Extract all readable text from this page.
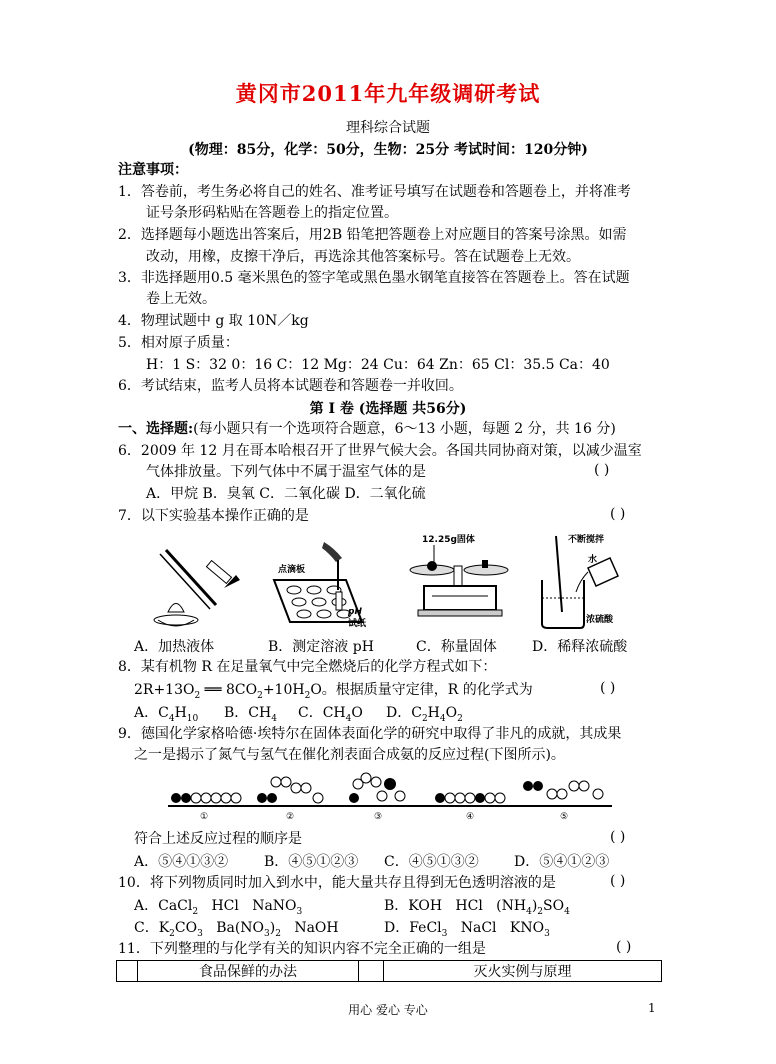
黄冈市2011年九年级调研考试
理科综合试题
(物理：85分，化学：50分，生物：25分 考试时间：120分钟)
注意事项：
1．答卷前，考生务必将自己的姓名、准考证号填写在试题卷和答题卷上，并将准考
证号条形码粘贴在答题卷上的指定位置。
2．选择题每小题选出答案后，用2B 铅笔把答题卷上对应题目的答案号涂黑。如需
改动，用橡，皮擦干净后，再选涂其他答案标号。答在试题卷上无效。
3．非选择题用0.5 毫米黑色的签字笔或黑色墨水钢笔直接答在答题卷上。答在试题
卷上无效。
4．物理试题中 g 取 10N／kg
5．相对原子质量：
H：1 S：32 0：16 C：12 Mg：24 Cu：64 Zn：65 Cl：35.5 Ca：40
6．考试结束，监考人员将本试题卷和答题卷一并收回。
第 I 卷 (选择题 共56分)
一、选择题:(每小题只有一个选项符合题意，6～13 小题，每题 2 分，共 16 分)
6．2009 年 12 月在哥本哈根召开了世界气候大会。各国共同协商对策，以减少温室
气体排放量。下列气体中不属于温室气体的是	( )
A．甲烷 B．臭氧 C．二氧化碳 D．二氧化硫
7．以下实验基本操作正确的是	( )
点滴板
pH
试纸
12.25g固体	不断搅拌
水
浓硫酸
A．加热液体	B．测定溶液 pH	C．称量固体	D．稀释浓硫酸
8．某有机物 R 在足量氧气中完全燃烧后的化学方程式如下：
$2R+13O_2$ ══ $8CO_2+10H_2O$。根据质量守定律，R 的化学式为	( )
A．$C_4H_{10}$ B．$CH_4$ C．$CH_4O$ D．$C_2H_4O_2$
9．德国化学家格哈德·埃特尔在固体表面化学的研究中取得了非凡的成就，其成果
之一是揭示了氮气与氢气在催化剂表面合成氨的反应过程(下图所示)。
①	②	③	④	⑤
符合上述反应过程的顺序是	( )
A．⑤④①③②	B．④⑤①②③ C．④⑤①③②	D．⑤④①②③
10．将下列物质同时加入到水中，能大量共存且得到无色透明溶液的是	( )
A．CaCl$_2$   HCl   NaNO$_3$	B．KOH   HCl   $(NH_4)_2SO_4$
C．$K_2CO_3$   $Ba(NO_3)_2$   NaOH	D．FeCl$_3$   NaCl   $KNO_3$
11．下列整理的与化学有关的知识内容不完全正确的一组是	( )
	食品保鲜的办法		灭火实例与原理
用心 爱心 专心	1
